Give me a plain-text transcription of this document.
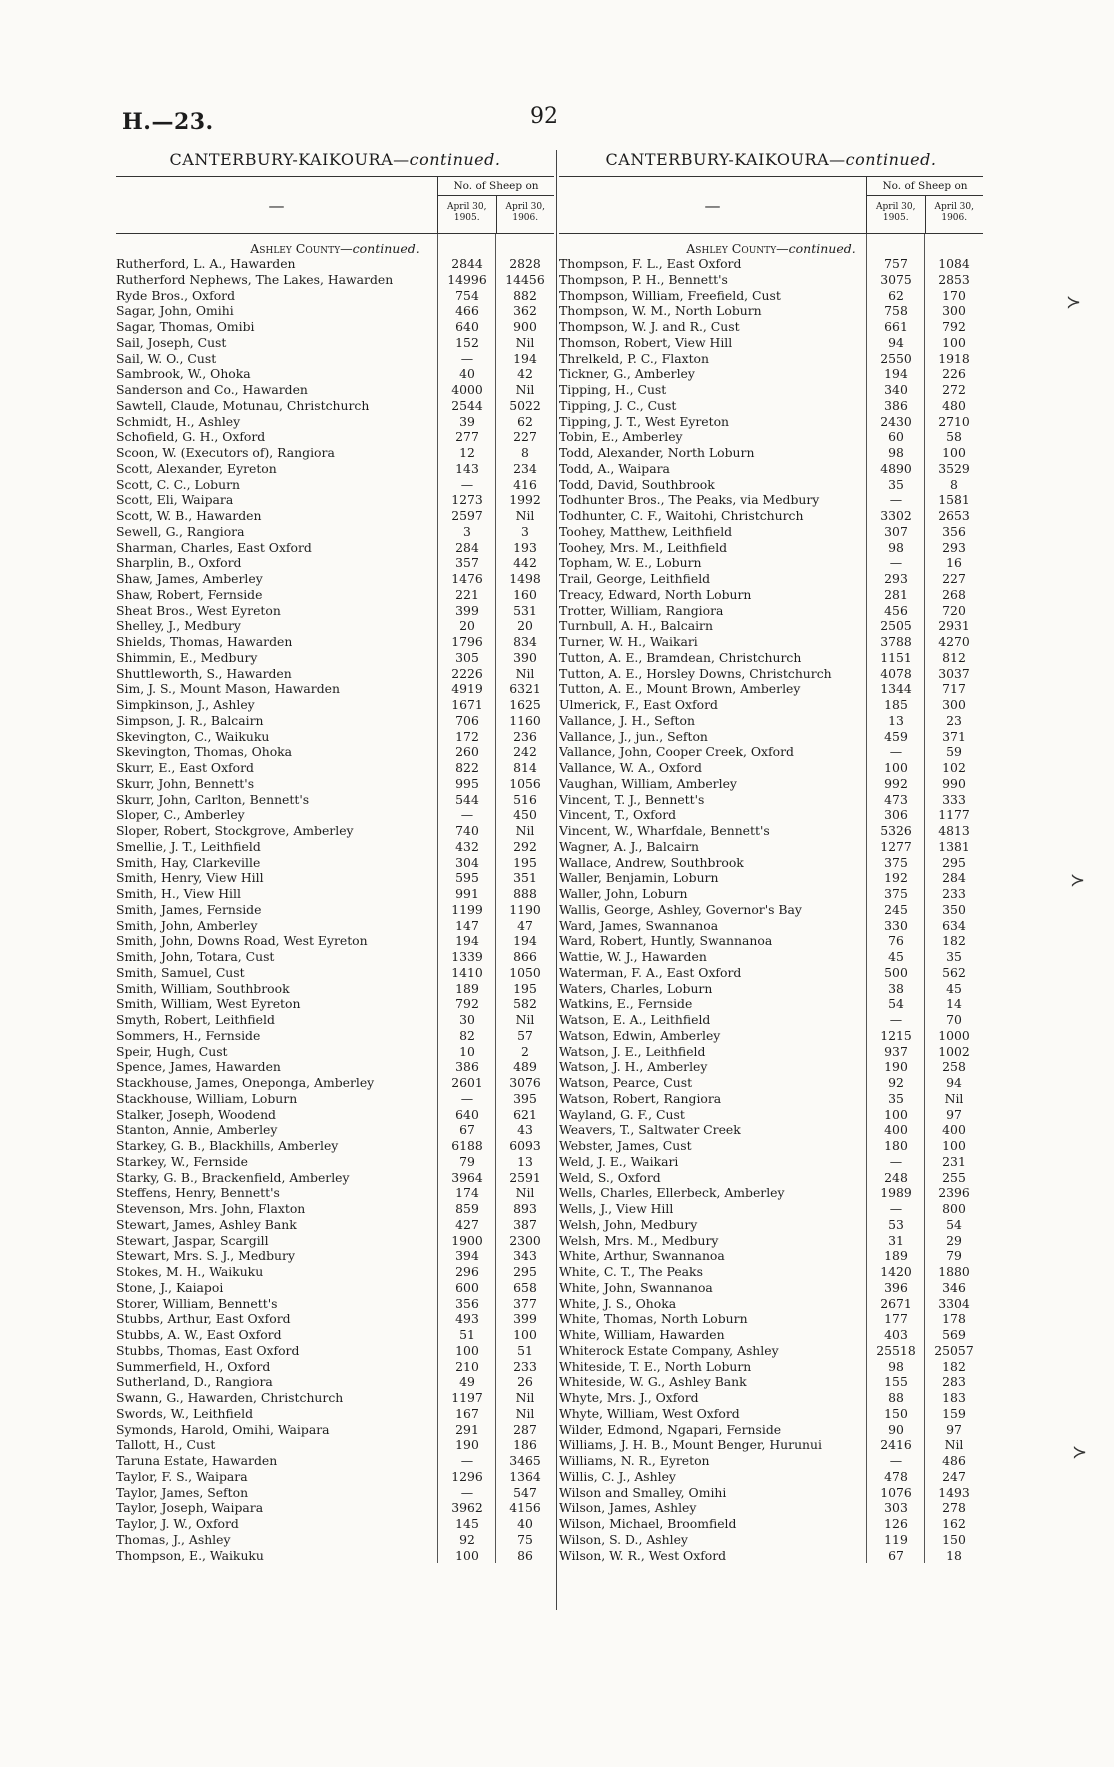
H.—23.	92
CANTERBURY-KAIKOURA—continued.
—
No. of Sheep on
April 30, 1905.
April 30, 1906.
Ashley County—continued.
Rutherford, L. A., Hawarden	2844	2828
Rutherford Nephews, The Lakes, Hawarden	14996	14456
Ryde Bros., Oxford	754	882
Sagar, John, Omihi	466	362
Sagar, Thomas, Omibi	640	900
Sail, Joseph, Cust	152	Nil
Sail, W. O., Cust	—	194
Sambrook, W., Ohoka	40	42
Sanderson and Co., Hawarden	4000	Nil
Sawtell, Claude, Motunau, Christchurch	2544	5022
Schmidt, H., Ashley	39	62
Schofield, G. H., Oxford	277	227
Scoon, W. (Executors of), Rangiora	12	8
Scott, Alexander, Eyreton	143	234
Scott, C. C., Loburn	—	416
Scott, Eli, Waipara	1273	1992
Scott, W. B., Hawarden	2597	Nil
Sewell, G., Rangiora	3	3
Sharman, Charles, East Oxford	284	193
Sharplin, B., Oxford	357	442
Shaw, James, Amberley	1476	1498
Shaw, Robert, Fernside	221	160
Sheat Bros., West Eyreton	399	531
Shelley, J., Medbury	20	20
Shields, Thomas, Hawarden	1796	834
Shimmin, E., Medbury	305	390
Shuttleworth, S., Hawarden	2226	Nil
Sim, J. S., Mount Mason, Hawarden	4919	6321
Simpkinson, J., Ashley	1671	1625
Simpson, J. R., Balcairn	706	1160
Skevington, C., Waikuku	172	236
Skevington, Thomas, Ohoka	260	242
Skurr, E., East Oxford	822	814
Skurr, John, Bennett's	995	1056
Skurr, John, Carlton, Bennett's	544	516
Sloper, C., Amberley	—	450
Sloper, Robert, Stockgrove, Amberley	740	Nil
Smellie, J. T., Leithfield	432	292
Smith, Hay, Clarkeville	304	195
Smith, Henry, View Hill	595	351
Smith, H., View Hill	991	888
Smith, James, Fernside	1199	1190
Smith, John, Amberley	147	47
Smith, John, Downs Road, West Eyreton	194	194
Smith, John, Totara, Cust	1339	866
Smith, Samuel, Cust	1410	1050
Smith, William, Southbrook	189	195
Smith, William, West Eyreton	792	582
Smyth, Robert, Leithfield	30	Nil
Sommers, H., Fernside	82	57
Speir, Hugh, Cust	10	2
Spence, James, Hawarden	386	489
Stackhouse, James, Oneponga, Amberley	2601	3076
Stackhouse, William, Loburn	—	395
Stalker, Joseph, Woodend	640	621
Stanton, Annie, Amberley	67	43
Starkey, G. B., Blackhills, Amberley	6188	6093
Starkey, W., Fernside	79	13
Starky, G. B., Brackenfield, Amberley	3964	2591
Steffens, Henry, Bennett's	174	Nil
Stevenson, Mrs. John, Flaxton	859	893
Stewart, James, Ashley Bank	427	387
Stewart, Jaspar, Scargill	1900	2300
Stewart, Mrs. S. J., Medbury	394	343
Stokes, M. H., Waikuku	296	295
Stone, J., Kaiapoi	600	658
Storer, William, Bennett's	356	377
Stubbs, Arthur, East Oxford	493	399
Stubbs, A. W., East Oxford	51	100
Stubbs, Thomas, East Oxford	100	51
Summerfield, H., Oxford	210	233
Sutherland, D., Rangiora	49	26
Swann, G., Hawarden, Christchurch	1197	Nil
Swords, W., Leithfield	167	Nil
Symonds, Harold, Omihi, Waipara	291	287
Tallott, H., Cust	190	186
Taruna Estate, Hawarden	—	3465
Taylor, F. S., Waipara	1296	1364
Taylor, James, Sefton	—	547
Taylor, Joseph, Waipara	3962	4156
Taylor, J. W., Oxford	145	40
Thomas, J., Ashley	92	75
Thompson, E., Waikuku	100	86
CANTERBURY-KAIKOURA—continued.
—
No. of Sheep on
April 30, 1905.
April 30, 1906.
Ashley County—continued.
Thompson, F. L., East Oxford	757	1084
Thompson, P. H., Bennett's	3075	2853
Thompson, William, Freefield, Cust	62	170
Thompson, W. M., North Loburn	758	300
Thompson, W. J. and R., Cust	661	792
Thomson, Robert, View Hill	94	100
Threlkeld, P. C., Flaxton	2550	1918
Tickner, G., Amberley	194	226
Tipping, H., Cust	340	272
Tipping, J. C., Cust	386	480
Tipping, J. T., West Eyreton	2430	2710
Tobin, E., Amberley	60	58
Todd, Alexander, North Loburn	98	100
Todd, A., Waipara	4890	3529
Todd, David, Southbrook	35	8
Todhunter Bros., The Peaks, via Medbury	—	1581
Todhunter, C. F., Waitohi, Christchurch	3302	2653
Toohey, Matthew, Leithfield	307	356
Toohey, Mrs. M., Leithfield	98	293
Topham, W. E., Loburn	—	16
Trail, George, Leithfield	293	227
Treacy, Edward, North Loburn	281	268
Trotter, William, Rangiora	456	720
Turnbull, A. H., Balcairn	2505	2931
Turner, W. H., Waikari	3788	4270
Tutton, A. E., Bramdean, Christchurch	1151	812
Tutton, A. E., Horsley Downs, Christchurch	4078	3037
Tutton, A. E., Mount Brown, Amberley	1344	717
Ulmerick, F., East Oxford	185	300
Vallance, J. H., Sefton	13	23
Vallance, J., jun., Sefton	459	371
Vallance, John, Cooper Creek, Oxford	—	59
Vallance, W. A., Oxford	100	102
Vaughan, William, Amberley	992	990
Vincent, T. J., Bennett's	473	333
Vincent, T., Oxford	306	1177
Vincent, W., Wharfdale, Bennett's	5326	4813
Wagner, A. J., Balcairn	1277	1381
Wallace, Andrew, Southbrook	375	295
Waller, Benjamin, Loburn	192	284
Waller, John, Loburn	375	233
Wallis, George, Ashley, Governor's Bay	245	350
Ward, James, Swannanoa	330	634
Ward, Robert, Huntly, Swannanoa	76	182
Wattie, W. J., Hawarden	45	35
Waterman, F. A., East Oxford	500	562
Waters, Charles, Loburn	38	45
Watkins, E., Fernside	54	14
Watson, E. A., Leithfield	—	70
Watson, Edwin, Amberley	1215	1000
Watson, J. E., Leithfield	937	1002
Watson, J. H., Amberley	190	258
Watson, Pearce, Cust	92	94
Watson, Robert, Rangiora	35	Nil
Wayland, G. F., Cust	100	97
Weavers, T., Saltwater Creek	400	400
Webster, James, Cust	180	100
Weld, J. E., Waikari	—	231
Weld, S., Oxford	248	255
Wells, Charles, Ellerbeck, Amberley	1989	2396
Wells, J., View Hill	—	800
Welsh, John, Medbury	53	54
Welsh, Mrs. M., Medbury	31	29
White, Arthur, Swannanoa	189	79
White, C. T., The Peaks	1420	1880
White, John, Swannanoa	396	346
White, J. S., Ohoka	2671	3304
White, Thomas, North Loburn	177	178
White, William, Hawarden	403	569
Whiterock Estate Company, Ashley	25518	25057
Whiteside, T. E., North Loburn	98	182
Whiteside, W. G., Ashley Bank	155	283
Whyte, Mrs. J., Oxford	88	183
Whyte, William, West Oxford	150	159
Wilder, Edmond, Ngapari, Fernside	90	97
Williams, J. H. B., Mount Benger, Hurunui	2416	Nil
Williams, N. R., Eyreton	—	486
Willis, C. J., Ashley	478	247
Wilson and Smalley, Omihi	1076	1493
Wilson, James, Ashley	303	278
Wilson, Michael, Broomfield	126	162
Wilson, S. D., Ashley	119	150
Wilson, W. R., West Oxford	67	18
≻
≻
≻
